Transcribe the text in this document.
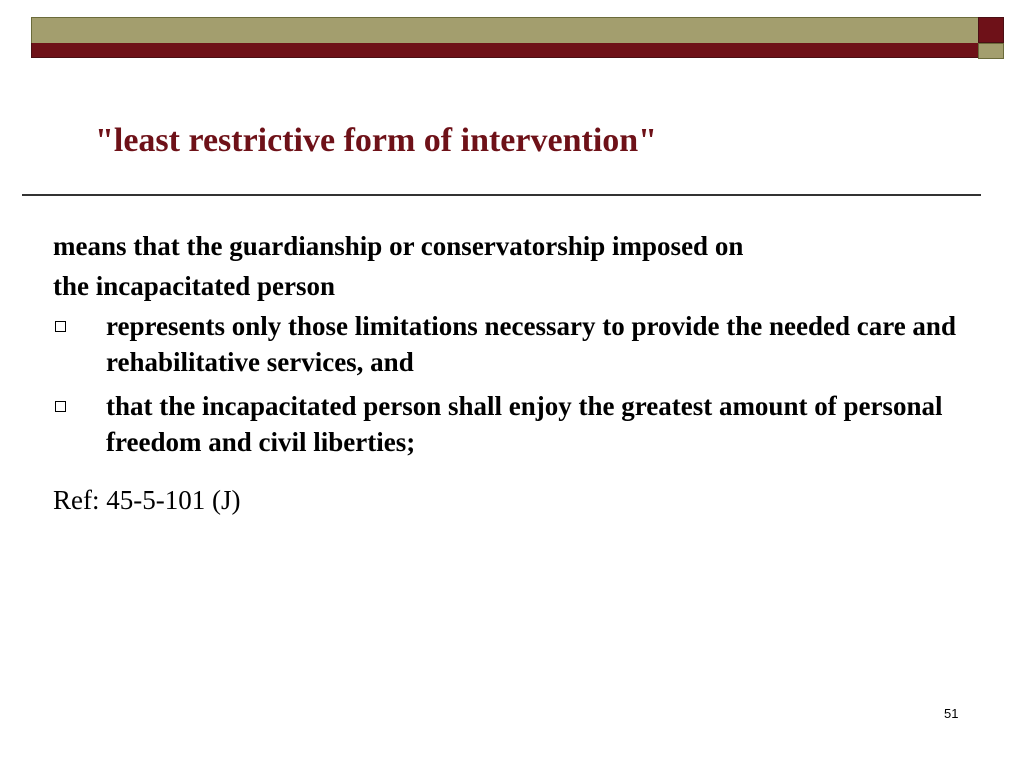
"least restrictive form of intervention"
means that the guardianship or conservatorship imposed on
the incapacitated person
represents only those limitations necessary to provide the needed care and rehabilitative services, and
that the incapacitated person shall enjoy the greatest amount of personal freedom and civil liberties;
Ref: 45-5-101 (J)
51
